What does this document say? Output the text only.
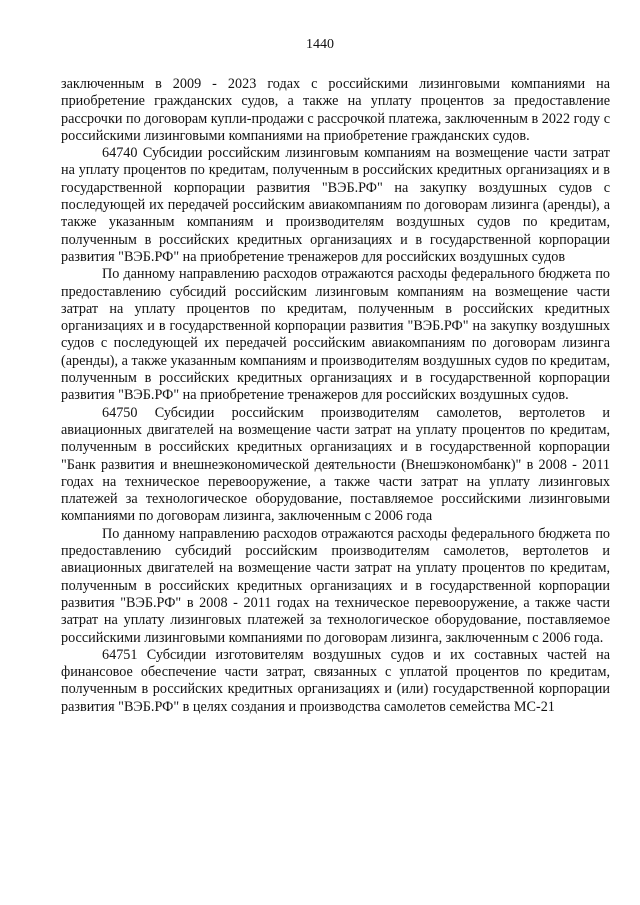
1440

заключенным в 2009 - 2023 годах с российскими лизинговыми компаниями на приобретение гражданских судов, а также на уплату процентов за предоставление рассрочки по договорам купли-продажи с рассрочкой платежа, заключенным в 2022 году с российскими лизинговыми компаниями на приобретение гражданских судов.

64740 Субсидии российским лизинговым компаниям на возмещение части затрат на уплату процентов по кредитам, полученным в российских кредитных организациях и в государственной корпорации развития "ВЭБ.РФ" на закупку воздушных судов с последующей их передачей российским авиакомпаниям по договорам лизинга (аренды), а также указанным компаниям и производителям воздушных судов по кредитам, полученным в российских кредитных организациях и в государственной корпорации развития "ВЭБ.РФ" на приобретение тренажеров для российских воздушных судов

По данному направлению расходов отражаются расходы федерального бюджета по предоставлению субсидий российским лизинговым компаниям на возмещение части затрат на уплату процентов по кредитам, полученным в российских кредитных организациях и в государственной корпорации развития "ВЭБ.РФ" на закупку воздушных судов с последующей их передачей российским авиакомпаниям по договорам лизинга (аренды), а также указанным компаниям и производителям воздушных судов по кредитам, полученным в российских кредитных организациях и в государственной корпорации развития "ВЭБ.РФ" на приобретение тренажеров для российских воздушных судов.

64750 Субсидии российским производителям самолетов, вертолетов и авиационных двигателей на возмещение части затрат на уплату процентов по кредитам, полученным в российских кредитных организациях и в государственной корпорации "Банк развития и внешнеэкономической деятельности (Внешэкономбанк)" в 2008 - 2011 годах на техническое перевооружение, а также части затрат на уплату лизинговых платежей за технологическое оборудование, поставляемое российскими лизинговыми компаниями по договорам лизинга, заключенным с 2006 года

По данному направлению расходов отражаются расходы федерального бюджета по предоставлению субсидий российским производителям самолетов, вертолетов и авиационных двигателей на возмещение части затрат на уплату процентов по кредитам, полученным в российских кредитных организациях и в государственной корпорации развития "ВЭБ.РФ" в 2008 - 2011 годах на техническое перевооружение, а также части затрат на уплату лизинговых платежей за технологическое оборудование, поставляемое российскими лизинговыми компаниями по договорам лизинга, заключенным с 2006 года.

64751 Субсидии изготовителям воздушных судов и их составных частей на финансовое обеспечение части затрат, связанных с уплатой процентов по кредитам, полученным в российских кредитных организациях и (или) государственной корпорации развития "ВЭБ.РФ" в целях создания и производства самолетов семейства МС-21
